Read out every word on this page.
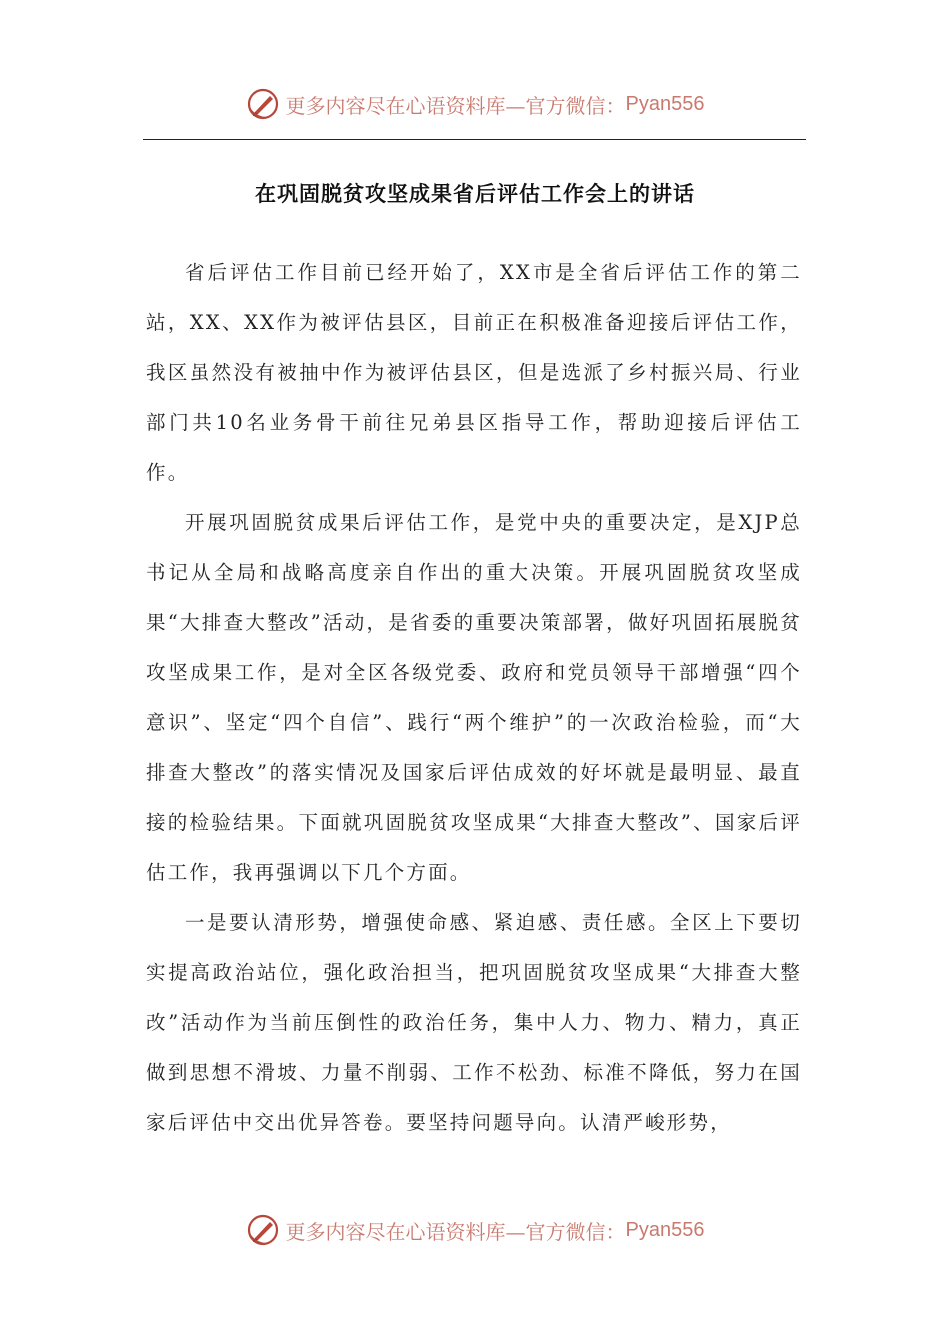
更多内容尽在心语资料库—官方微信： Pyan556
在巩固脱贫攻坚成果省后评估工作会上的讲话

省后评估工作目前已经开始了，XX市是全省后评估工作的第二站，XX、XX作为被评估县区，目前正在积极准备迎接后评估工作，我区虽然没有被抽中作为被评估县区，但是选派了乡村振兴局、行业部门共10名业务骨干前往兄弟县区指导工作，帮助迎接后评估工作。

开展巩固脱贫成果后评估工作，是党中央的重要决定，是XJP总书记从全局和战略高度亲自作出的重大决策。开展巩固脱贫攻坚成果“大排查大整改”活动，是省委的重要决策部署，做好巩固拓展脱贫攻坚成果工作，是对全区各级党委、政府和党员领导干部增强“四个意识”、坚定“四个自信”、践行“两个维护”的一次政治检验，而“大排查大整改”的落实情况及国家后评估成效的好坏就是最明显、最直接的检验结果。下面就巩固脱贫攻坚成果“大排查大整改”、国家后评估工作，我再强调以下几个方面。

一是要认清形势，增强使命感、紧迫感、责任感。全区上下要切实提高政治站位，强化政治担当，把巩固脱贫攻坚成果“大排查大整改”活动作为当前压倒性的政治任务，集中人力、物力、精力，真正做到思想不滑坡、力量不削弱、工作不松劲、标准不降低，努力在国家后评估中交出优异答卷。要坚持问题导向。认清严峻形势，

更多内容尽在心语资料库—官方微信： Pyan556
